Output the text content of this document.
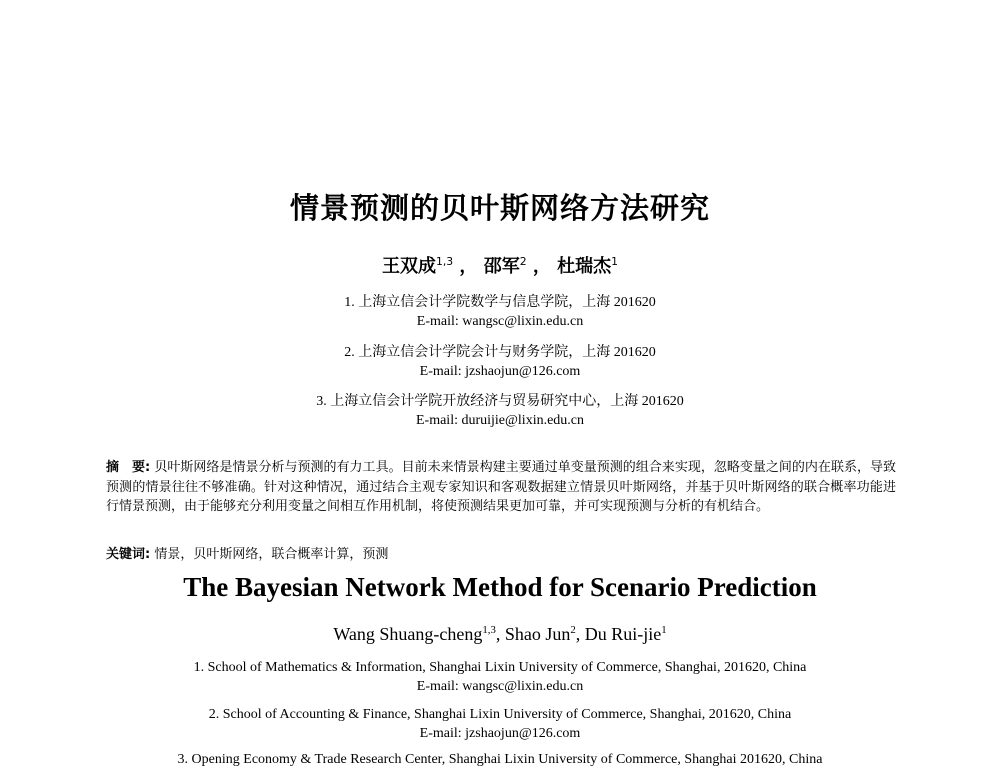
情景预测的贝叶斯网络方法研究
王双成$^{1,3}$ ， 邵军$^2$ ， 杜瑞杰$^1$
1. 上海立信会计学院数学与信息学院，上海 201620
E-mail: wangsc@lixin.edu.cn
2. 上海立信会计学院会计与财务学院，上海 201620
E-mail: jzshaojun@126.com
3. 上海立信会计学院开放经济与贸易研究中心，上海 201620
E-mail: duruijie@lixin.edu.cn
摘　要: 贝叶斯网络是情景分析与预测的有力工具。目前未来情景构建主要通过单变量预测的组合来实现，忽略变量之间的内在联系，导致预测的情景往往不够准确。针对这种情况，通过结合主观专家知识和客观数据建立情景贝叶斯网络，并基于贝叶斯网络的联合概率功能进行情景预测，由于能够充分利用变量之间相互作用机制，将使预测结果更加可靠，并可实现预测与分析的有机结合。
关键词: 情景，贝叶斯网络，联合概率计算，预测
The Bayesian Network Method for Scenario Prediction
Wang Shuang-cheng$^{1,3}$, Shao Jun$^2$, Du Rui-jie$^1$
1. School of Mathematics & Information, Shanghai Lixin University of Commerce, Shanghai, 201620, China
E-mail: wangsc@lixin.edu.cn
2. School of Accounting & Finance, Shanghai Lixin University of Commerce, Shanghai, 201620, China
E-mail: jzshaojun@126.com
3. Opening Economy & Trade Research Center, Shanghai Lixin University of Commerce, Shanghai 201620, China
